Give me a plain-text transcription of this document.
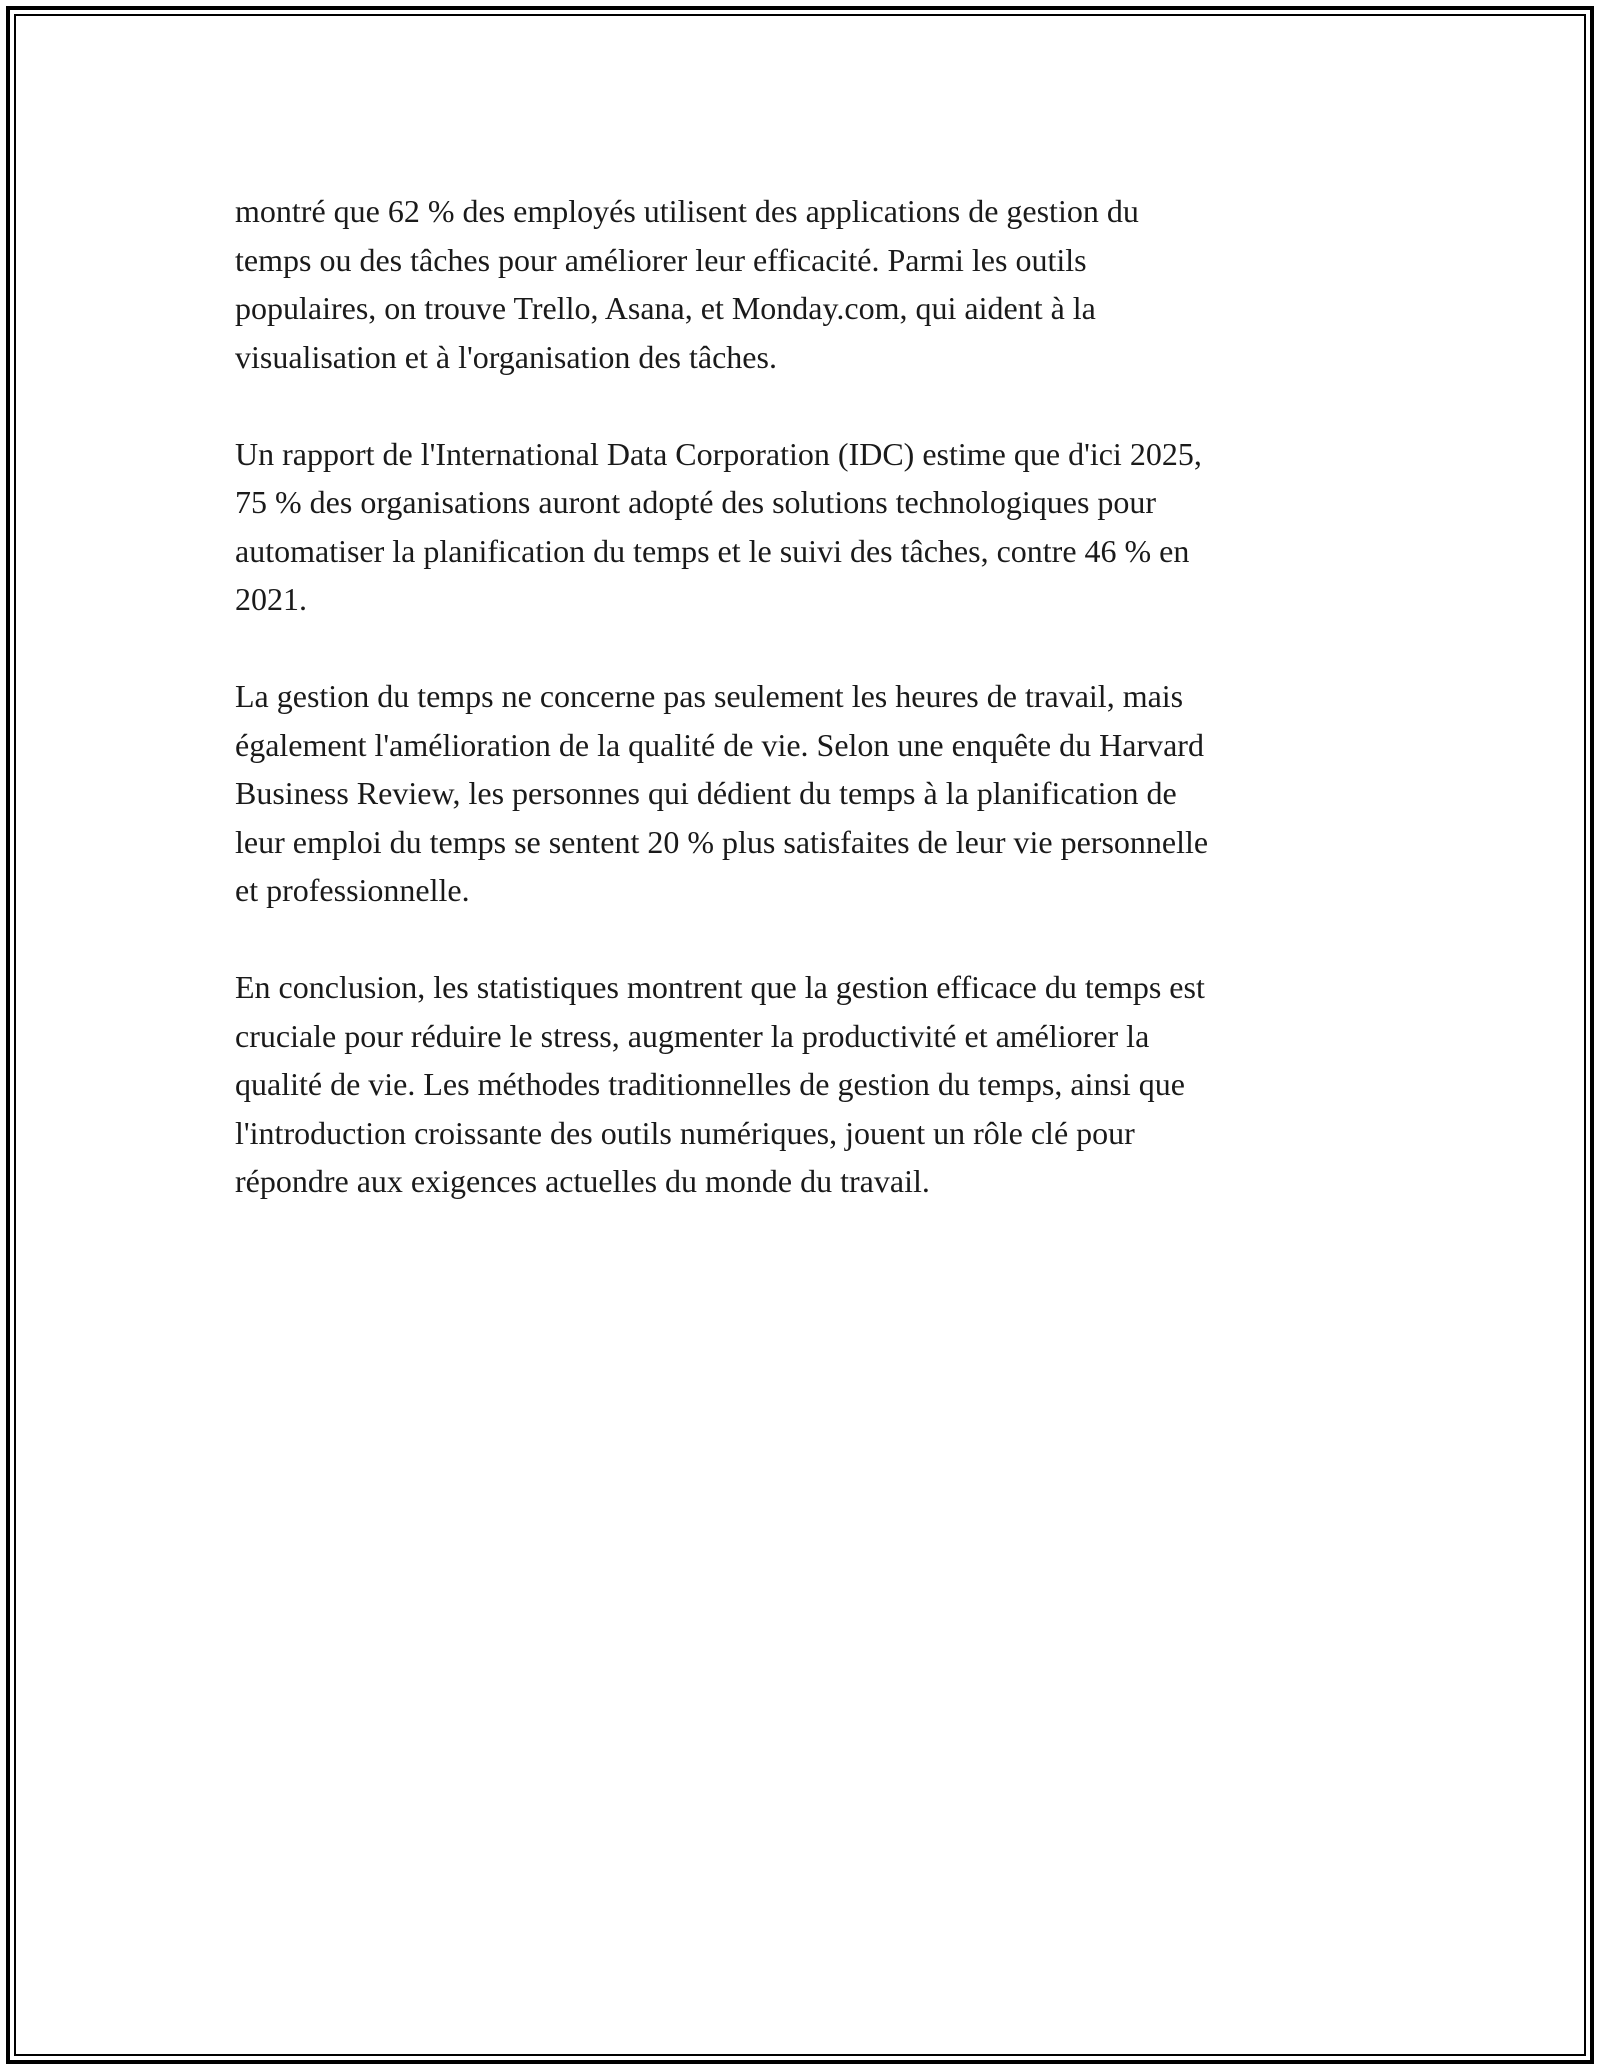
montré que 62 % des employés utilisent des applications de gestion du
temps ou des tâches pour améliorer leur efficacité. Parmi les outils
populaires, on trouve Trello, Asana, et Monday.com, qui aident à la
visualisation et à l'organisation des tâches.

Un rapport de l'International Data Corporation (IDC) estime que d'ici 2025,
75 % des organisations auront adopté des solutions technologiques pour
automatiser la planification du temps et le suivi des tâches, contre 46 % en
2021.

La gestion du temps ne concerne pas seulement les heures de travail, mais
également l'amélioration de la qualité de vie. Selon une enquête du Harvard
Business Review, les personnes qui dédient du temps à la planification de
leur emploi du temps se sentent 20 % plus satisfaites de leur vie personnelle
et professionnelle.

En conclusion, les statistiques montrent que la gestion efficace du temps est
cruciale pour réduire le stress, augmenter la productivité et améliorer la
qualité de vie. Les méthodes traditionnelles de gestion du temps, ainsi que
l'introduction croissante des outils numériques, jouent un rôle clé pour
répondre aux exigences actuelles du monde du travail.
